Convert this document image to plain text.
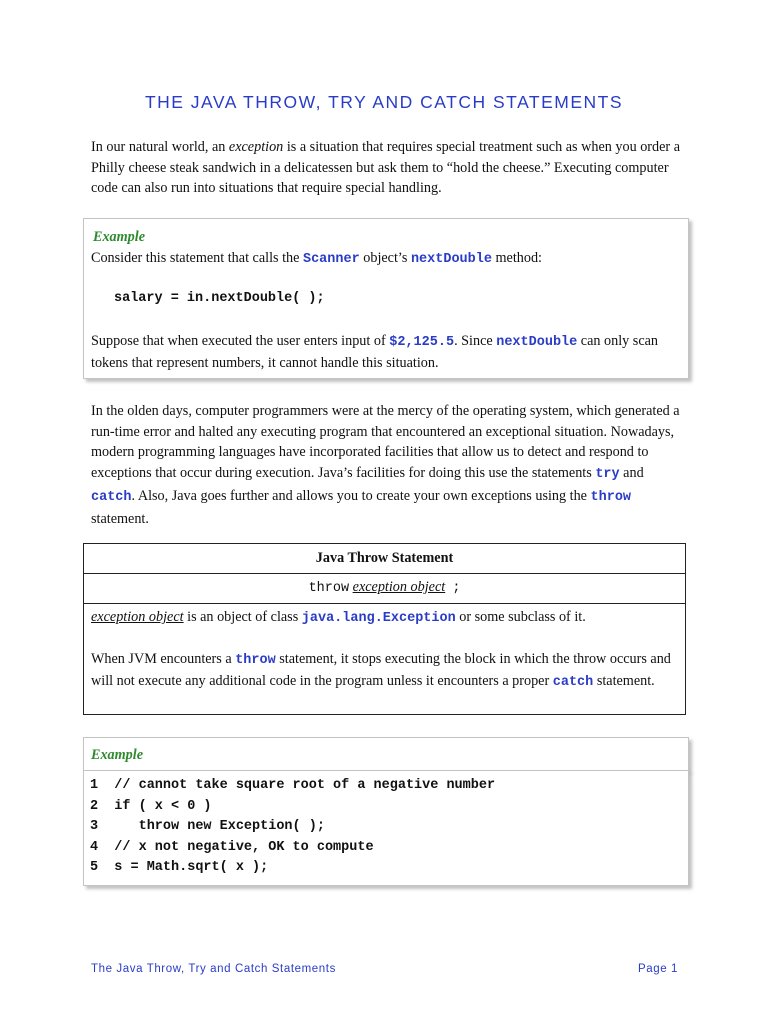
THE JAVA THROW, TRY AND CATCH STATEMENTS

In our natural world, an exception is a situation that requires special treatment such as when you order a Philly cheese steak sandwich in a delicatessen but ask them to “hold the cheese.” Executing computer code can also run into situations that require special handling.

Example
Consider this statement that calls the Scanner object’s nextDouble method:
salary = in.nextDouble( );
Suppose that when executed the user enters input of $2,125.5. Since nextDouble can only scan tokens that represent numbers, it cannot handle this situation.

In the olden days, computer programmers were at the mercy of the operating system, which generated a run-time error and halted any executing program that encountered an exceptional situation. Nowadays, modern programming languages have incorporated facilities that allow us to detect and respond to exceptions that occur during execution. Java’s facilities for doing this use the statements try and catch. Also, Java goes further and allows you to create your own exceptions using the throw statement.

Java Throw Statement
throw exception object ;
exception object is an object of class java.lang.Exception or some subclass of it.
When JVM encounters a throw statement, it stops executing the block in which the throw occurs and will not execute any additional code in the program unless it encounters a proper catch statement.
Example
1  // cannot take square root of a negative number
2  if ( x < 0 )
3     throw new Exception( );
4  // x not negative, OK to compute
5  s = Math.sqrt( x );
The Java Throw, Try and Catch Statements	Page 1
